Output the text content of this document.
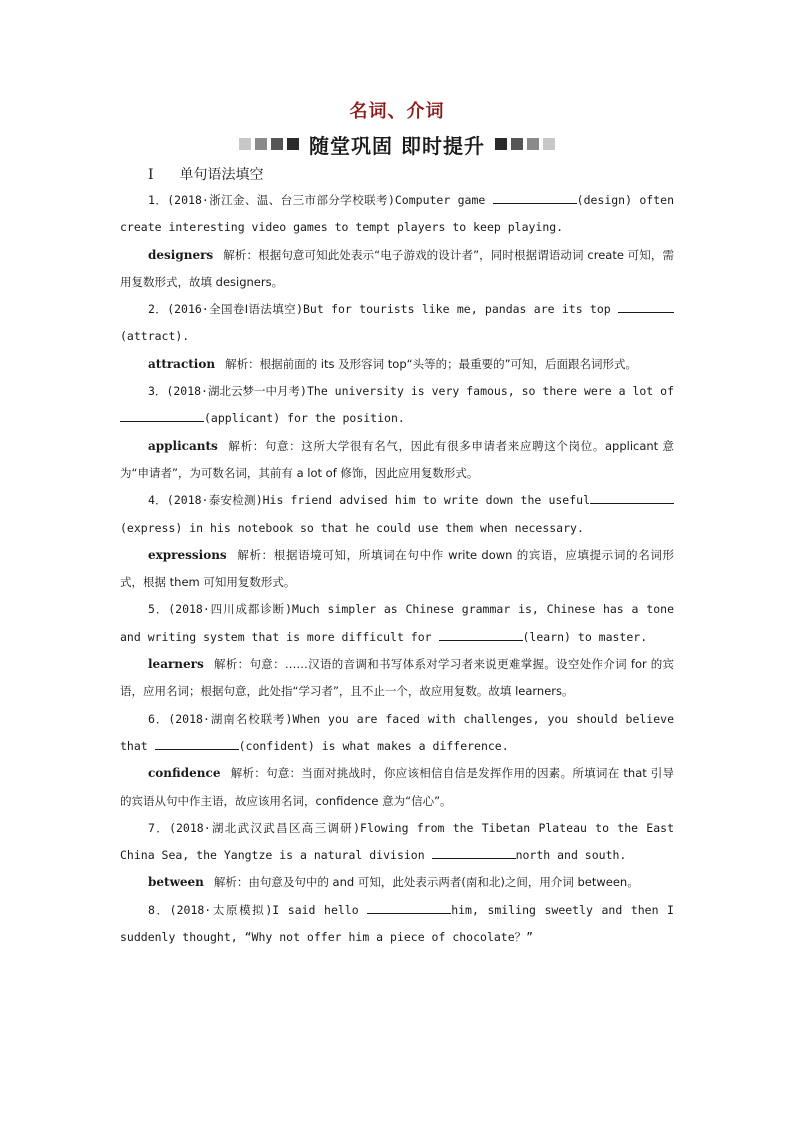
名词、介词
随堂巩固 即时提升
Ⅰ 单句语法填空

1．(2018·浙江金、温、台三市部分学校联考)Computer game	(design) often create interesting video games to tempt players to keep playing.

designers 解析：根据句意可知此处表示“电子游戏的设计者”，同时根据谓语动词 create 可知，需用复数形式，故填 designers。

2．(2016·全国卷Ⅰ语法填空)But for tourists like me, pandas are its top (attract).

attraction 解析：根据前面的 its 及形容词 top“头等的；最重要的”可知，后面跟名词形式。

3．(2018·湖北云梦一中月考)The university is very famous, so there were a lot of (applicant) for the position.

applicants 解析：句意：这所大学很有名气，因此有很多申请者来应聘这个岗位。applicant 意为“申请者”，为可数名词，其前有 a lot of 修饰，因此应用复数形式。

4．(2018·泰安检测)His friend advised him to write down the useful(express) in his notebook so that he could use them when necessary.

expressions 解析：根据语境可知，所填词在句中作 write down 的宾语，应填提示词的名词形式，根据 them 可知用复数形式。

5．(2018·四川成都诊断)Much simpler as Chinese grammar is, Chinese has a tone and writing system that is more difficult for	(learn) to master.

learners 解析：句意：……汉语的音调和书写体系对学习者来说更难掌握。设空处作介词 for 的宾语，应用名词；根据句意，此处指“学习者”，且不止一个，故应用复数。故填 learners。

6．(2018·湖南名校联考)When you are faced with challenges, you should believe that	(confident) is what makes a difference.

confidence 解析：句意：当面对挑战时，你应该相信自信是发挥作用的因素。所填词在 that 引导的宾语从句中作主语，故应该用名词，confidence 意为“信心”。

7．(2018·湖北武汉武昌区高三调研)Flowing from the Tibetan Plateau to the East China Sea, the Yangtze is a natural division	north and south.

between 解析：由句意及句中的 and 可知，此处表示两者(南和北)之间，用介词 between。

8．(2018·太原模拟)I said hello	him, smiling sweetly and then I suddenly thought, “Why not offer him a piece of chocolate？”
